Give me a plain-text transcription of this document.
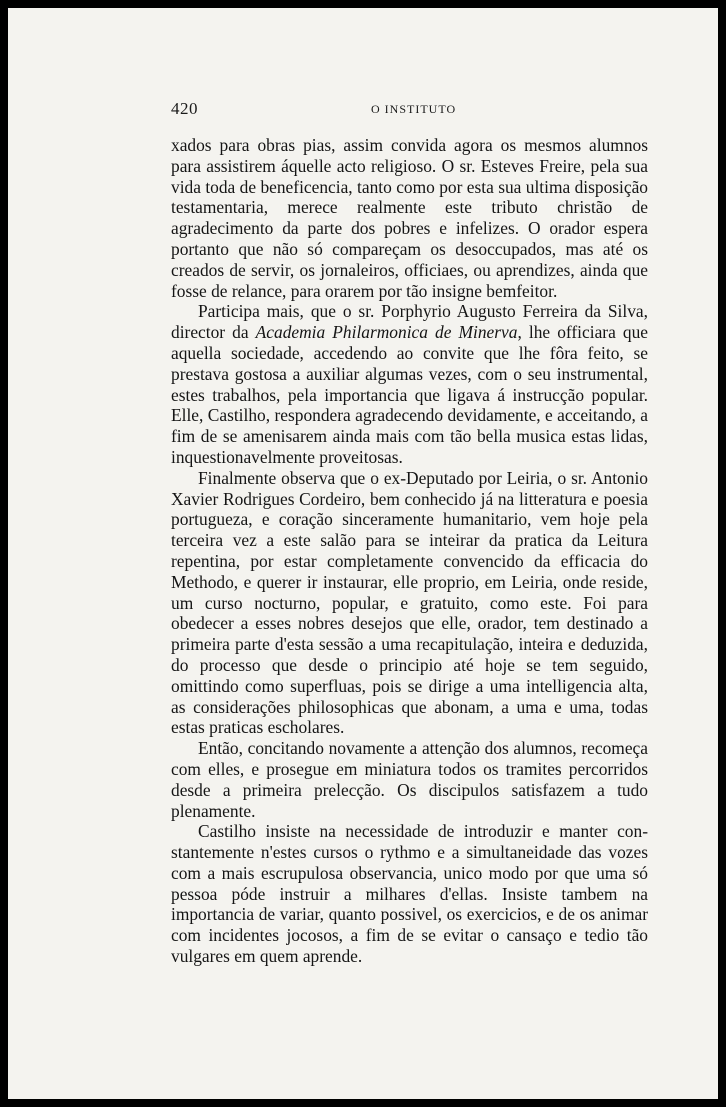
420	O INSTITUTO

xados para obras pias, assim convida agora os mesmos alumnos para assistirem áquelle acto religioso. O sr. Esteves Freire, pela sua vida toda de beneficencia, tanto como por esta sua ultima disposição testamentaria, merece realmente este tributo christão de agradecimento da parte dos pobres e infelizes. O orador espera portanto que não só compareçam os desoccupados, mas até os creados de servir, os jornaleiros, officiaes, ou aprendizes, ainda que fosse de relance, para orarem por tão insigne bemfeitor.

Participa mais, que o sr. Porphyrio Augusto Ferreira da Silva, director da Academia Philarmonica de Minerva, lhe officiara que aquella sociedade, accedendo ao convite que lhe fôra feito, se prestava gostosa a auxiliar algumas vezes, com o seu instrumental, estes trabalhos, pela importancia que ligava á instrucção popular. Elle, Castilho, respondera agradecendo devidamente, e acceitando, a fim de se amenisarem ainda mais com tão bella musica estas lidas, inquestionavelmente proveitosas.

Finalmente observa que o ex-Deputado por Leiria, o sr. Antonio Xavier Rodrigues Cordeiro, bem conhecido já na litteratura e poesia portugueza, e coração sinceramente humanitario, vem hoje pela terceira vez a este salão para se inteirar da pratica da Leitura repentina, por estar completamente convencido da efficacia do Methodo, e querer ir instaurar, elle proprio, em Leiria, onde reside, um curso nocturno, popular, e gratuito, como este. Foi para obedecer a esses nobres desejos que elle, orador, tem destinado a primeira parte d'esta sessão a uma recapitulação, inteira e deduzida, do processo que desde o principio até hoje se tem seguido, omittindo como superfluas, pois se dirige a uma intelligencia alta, as considerações philosophicas que abonam, a uma e uma, todas estas praticas escholares.

Então, concitando novamente a attenção dos alumnos, recomeça com elles, e prosegue em miniatura todos os tramites percorridos desde a primeira prelecção. Os discipulos satisfazem a tudo plenamente.

Castilho insiste na necessidade de introduzir e manter constantemente n'estes cursos o rythmo e a simultaneidade das vozes com a mais escrupulosa observancia, unico modo por que uma só pessoa póde instruir a milhares d'ellas. Insiste tambem na importancia de variar, quanto possivel, os exercicios, e de os animar com incidentes jocosos, a fim de se evitar o cansaço e tedio tão vulgares em quem aprende.
